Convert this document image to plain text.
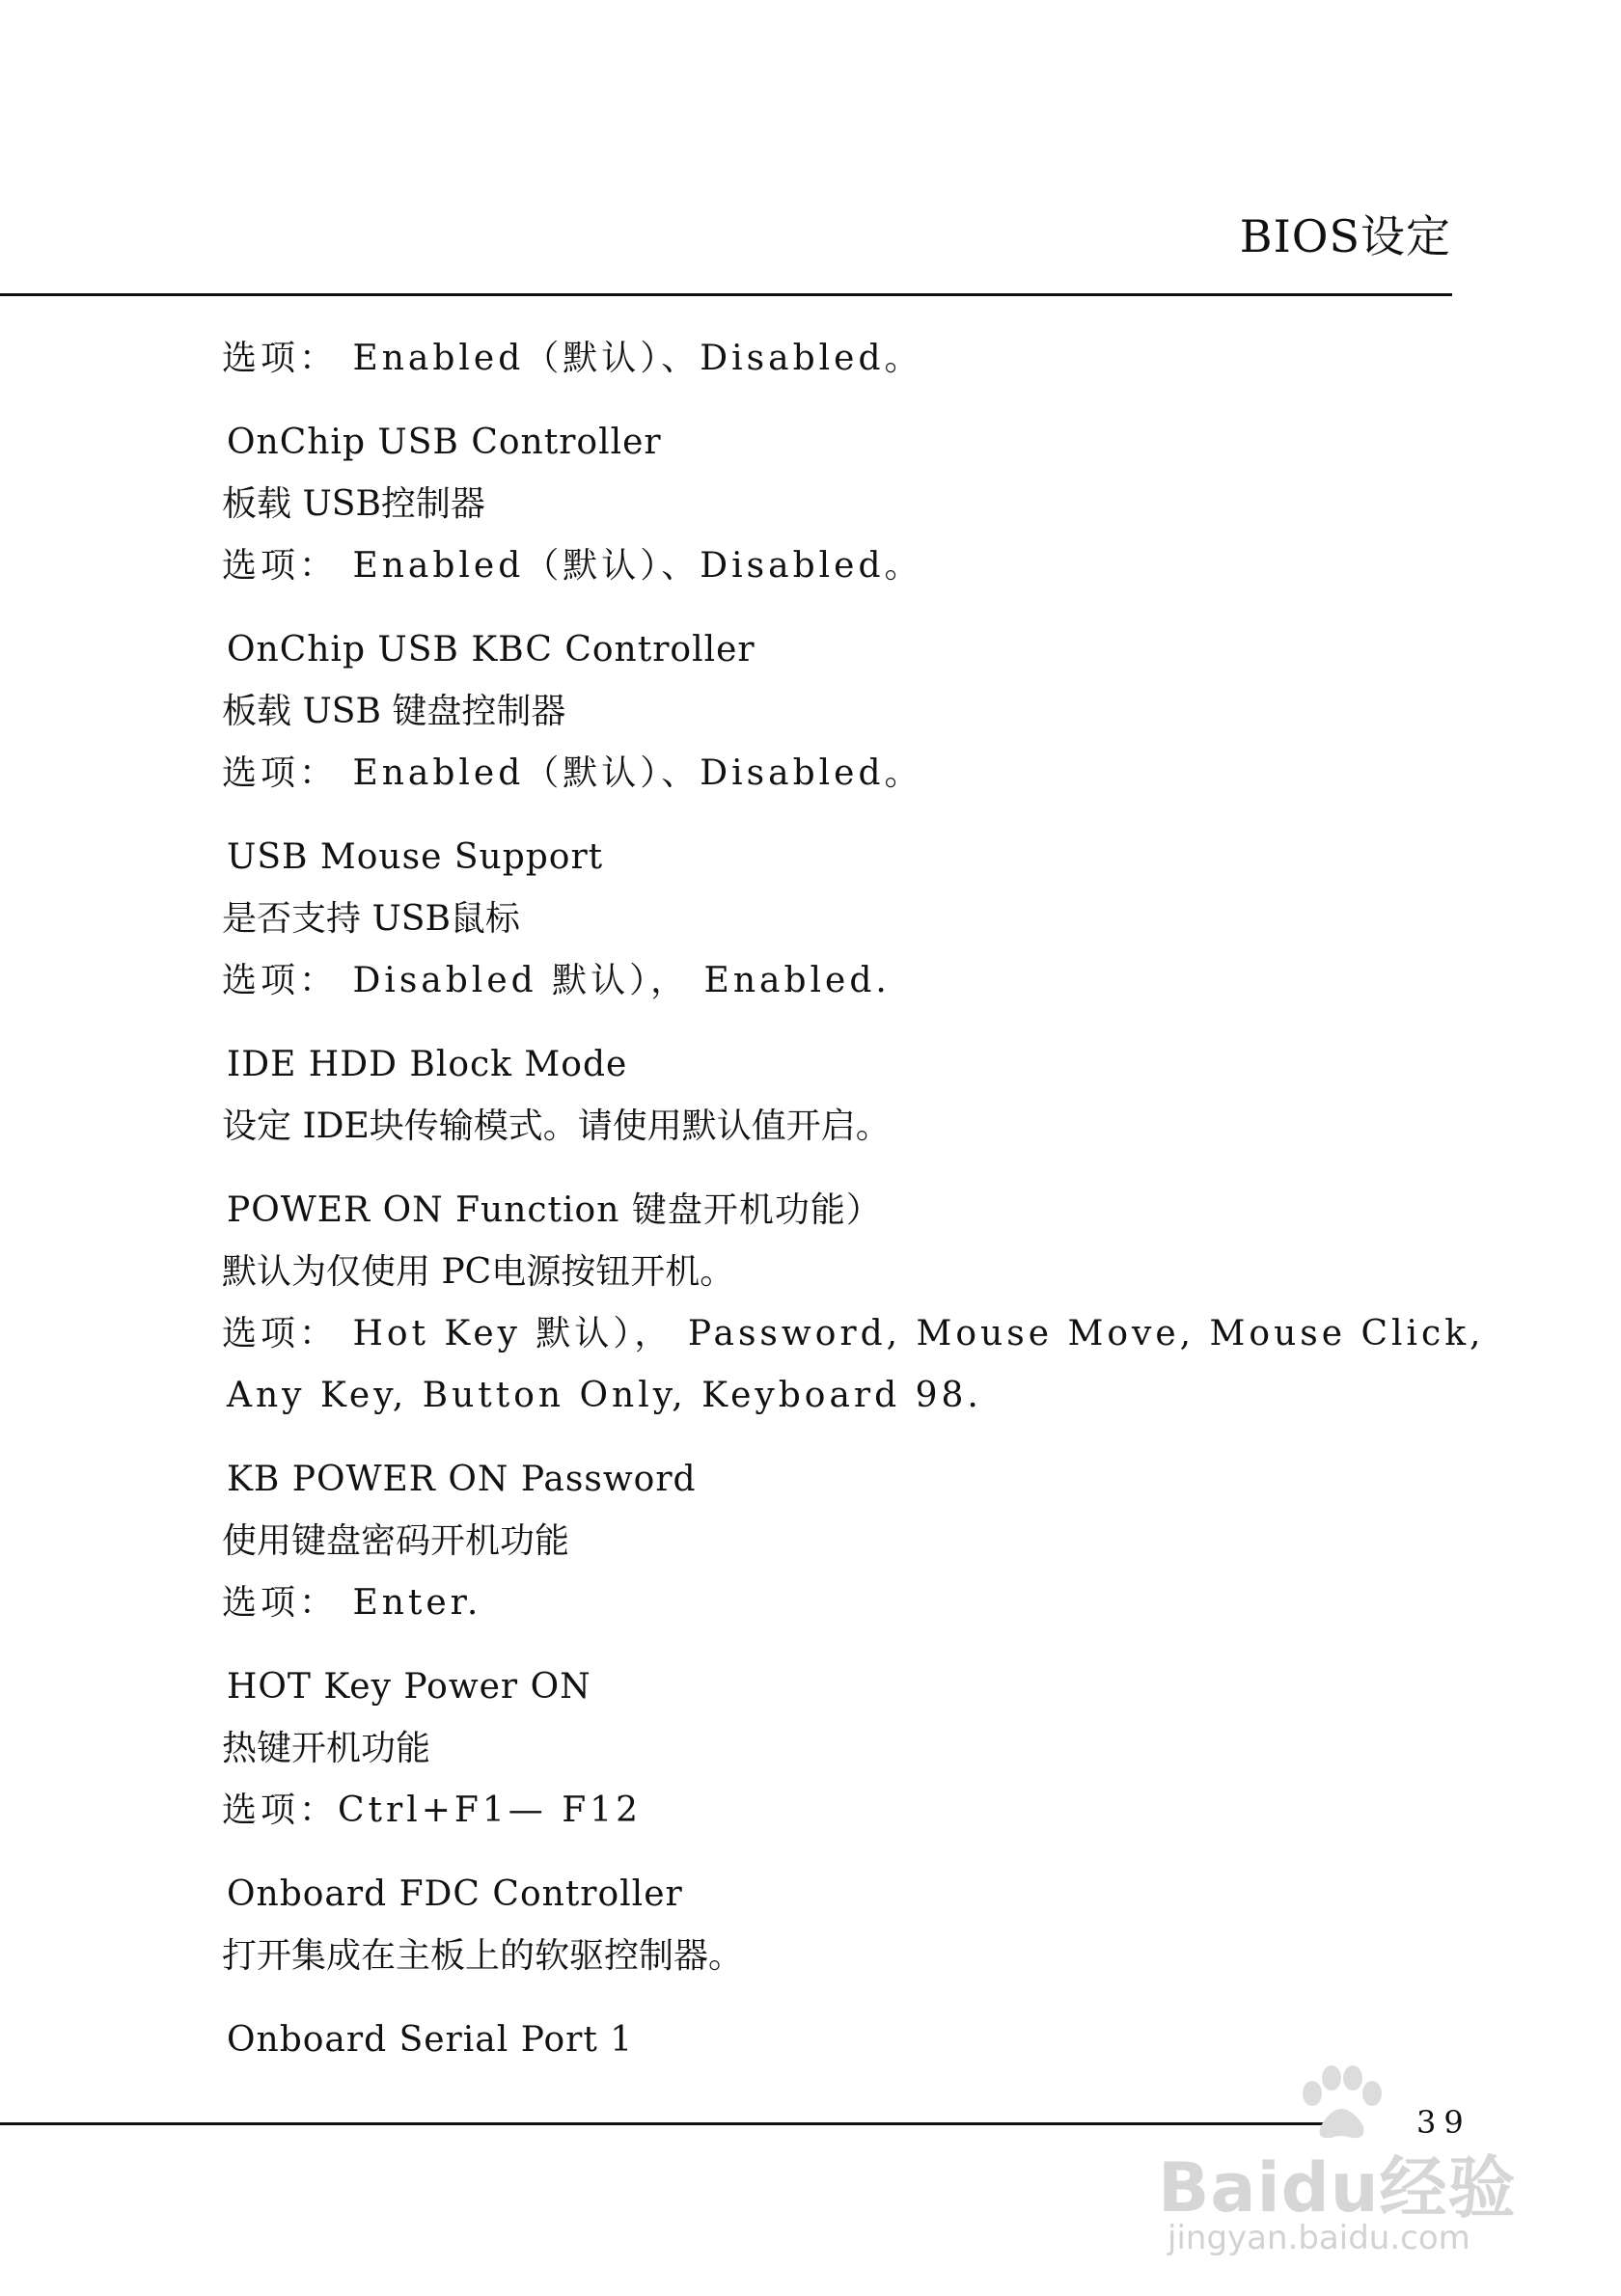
BIOS设定
选项： Enabled（默认）、Disabled。
OnChip USB Controller
板载 USB控制器
选项： Enabled（默认）、Disabled。
OnChip USB KBC Controller
板载 USB 键盘控制器
选项： Enabled（默认）、Disabled。
USB Mouse Support
是否支持 USB鼠标
选项： Disabled 默认）， Enabled.
IDE HDD Block Mode
设定 IDE块传输模式。请使用默认值开启。
POWER ON Function 键盘开机功能）
默认为仅使用 PC电源按钮开机。
选项： Hot Key 默认）， Password, Mouse Move, Mouse Click,
Any Key, Button Only, Keyboard 98.
KB POWER ON Password
使用键盘密码开机功能
选项： Enter.
HOT Key Power ON
热键开机功能
选项：Ctrl+F1— F12
Onboard FDC Controller
打开集成在主板上的软驱控制器。
Onboard Serial Port 1
39
Baidu经验
jingyan.baidu.com
